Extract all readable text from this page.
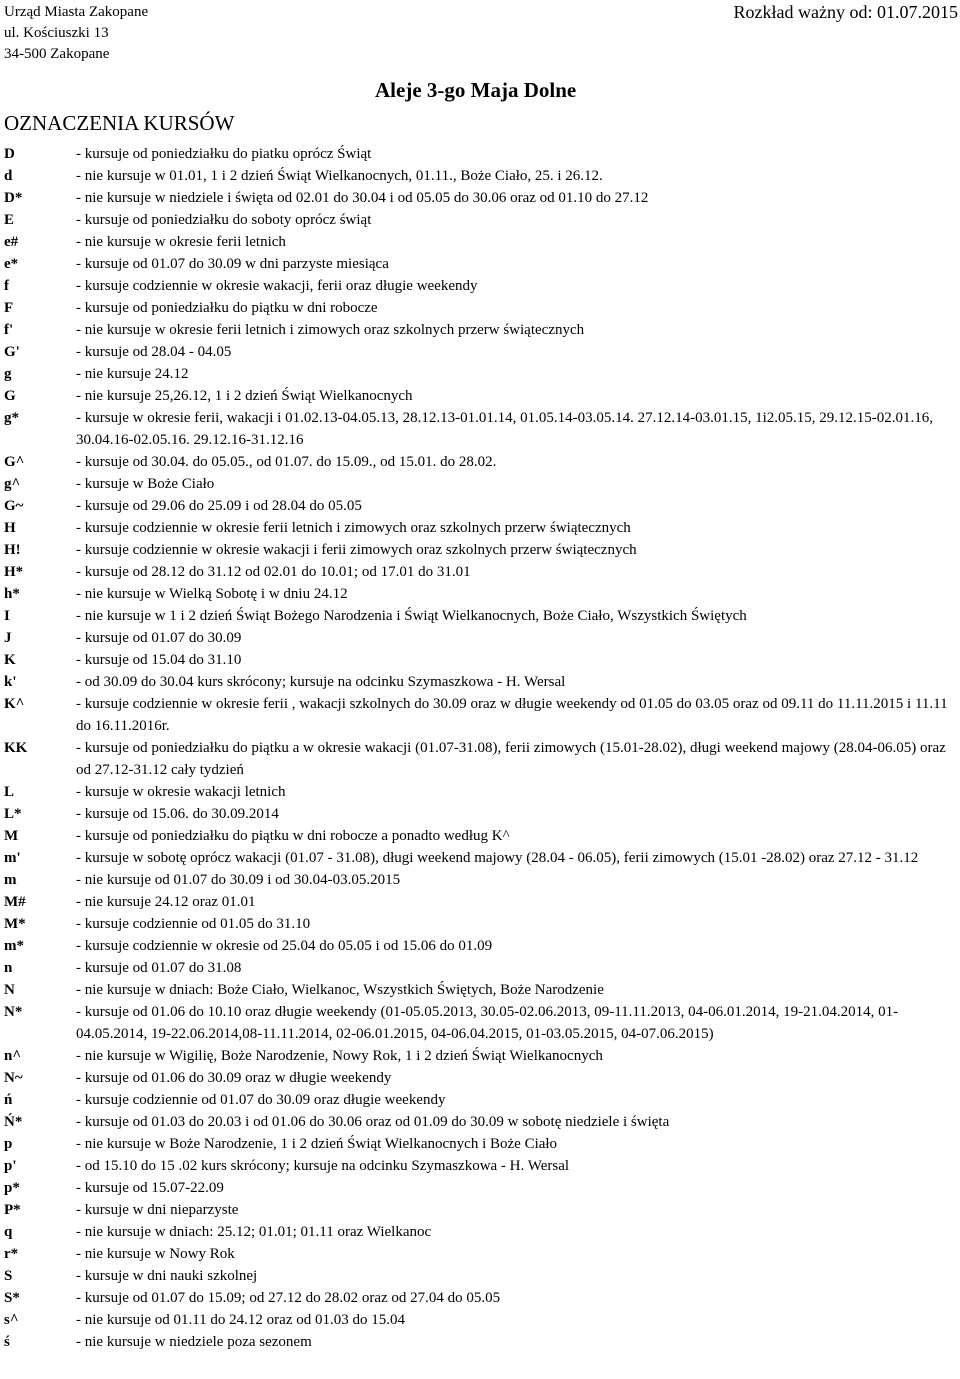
Urząd Miasta Zakopane
ul. Kościuszki 13
34-500 Zakopane
Rozkład ważny od: 01.07.2015
Aleje 3-go Maja Dolne
OZNACZENIA KURSÓW
D	- kursuje od poniedziałku do piatku oprócz Świąt
d	- nie kursuje w 01.01, 1 i 2 dzień Świąt Wielkanocnych, 01.11., Boże Ciało, 25. i 26.12.
D*	- nie kursuje w niedziele i święta od 02.01 do 30.04 i od 05.05 do 30.06 oraz od 01.10 do 27.12
E	- kursuje od poniedziałku do soboty oprócz świąt
e#	- nie kursuje w okresie ferii letnich
e*	- kursuje od 01.07 do 30.09 w dni parzyste miesiąca
f	- kursuje codziennie w okresie wakacji, ferii oraz długie weekendy
F	- kursuje od poniedziałku do piątku w dni robocze
f'	- nie kursuje w okresie ferii letnich i zimowych oraz szkolnych przerw świątecznych
G'	- kursuje od 28.04 - 04.05
g	- nie kursuje 24.12
G	- nie kursuje 25,26.12, 1 i 2 dzień Świąt Wielkanocnych
g*	- kursuje w okresie ferii, wakacji i 01.02.13-04.05.13, 28.12.13-01.01.14, 01.05.14-03.05.14. 27.12.14-03.01.15, 1i2.05.15, 29.12.15-02.01.16, 30.04.16-02.05.16. 29.12.16-31.12.16
G^	- kursuje od 30.04. do 05.05., od 01.07. do 15.09., od 15.01. do 28.02.
g^	- kursuje w Boże Ciało
G~	- kursuje od 29.06 do 25.09 i od 28.04 do 05.05
H	- kursuje codziennie w okresie ferii letnich i zimowych oraz szkolnych przerw świątecznych
H!	- kursuje codziennie w okresie wakacji i ferii zimowych oraz szkolnych przerw świątecznych
H*	- kursuje od 28.12 do 31.12 od 02.01 do 10.01; od 17.01 do 31.01
h*	- nie kursuje w Wielką Sobotę i w dniu 24.12
I	- nie kursuje w 1 i 2 dzień Świąt Bożego Narodzenia i Świąt Wielkanocnych, Boże Ciało, Wszystkich Świętych
J	- kursuje od 01.07 do 30.09
K	- kursuje od 15.04 do 31.10
k'	- od 30.09 do 30.04 kurs skrócony; kursuje na odcinku Szymaszkowa - H. Wersal
K^	- kursuje codziennie w okresie ferii , wakacji szkolnych do 30.09 oraz w długie weekendy od 01.05 do 03.05 oraz od 09.11 do 11.11.2015 i 11.11 do 16.11.2016r.
KK	- kursuje od poniedziałku do piątku a w okresie wakacji (01.07-31.08), ferii zimowych (15.01-28.02), długi weekend majowy (28.04-06.05) oraz od 27.12-31.12 cały tydzień
L	- kursuje w okresie wakacji letnich
L*	- kursuje od 15.06. do 30.09.2014
M	- kursuje od poniedziałku do piątku w dni robocze a ponadto według K^
m'	- kursuje w sobotę oprócz wakacji (01.07 - 31.08), długi weekend majowy (28.04 - 06.05), ferii zimowych (15.01 -28.02) oraz 27.12 - 31.12
m	- nie kursuje od 01.07 do 30.09 i od 30.04-03.05.2015
M#	- nie kursuje 24.12 oraz 01.01
M*	- kursuje codziennie od 01.05 do 31.10
m*	- kursuje codziennie w okresie od 25.04 do 05.05 i od 15.06 do 01.09
n	- kursuje od 01.07 do 31.08
N	- nie kursuje w dniach: Boże Ciało, Wielkanoc, Wszystkich Świętych, Boże Narodzenie
N*	- kursuje od 01.06 do 10.10 oraz długie weekendy (01-05.05.2013, 30.05-02.06.2013, 09-11.11.2013, 04-06.01.2014, 19-21.04.2014, 01-04.05.2014, 19-22.06.2014,08-11.11.2014, 02-06.01.2015, 04-06.04.2015, 01-03.05.2015, 04-07.06.2015)
n^	- nie kursuje w Wigilię, Boże Narodzenie, Nowy Rok, 1 i 2 dzień Świąt Wielkanocnych
N~	- kursuje od 01.06 do 30.09 oraz w długie weekendy
ń	- kursuje codziennie od 01.07 do 30.09 oraz długie weekendy
Ń*	- kursuje od 01.03 do 20.03 i od 01.06 do 30.06 oraz od 01.09 do 30.09 w sobotę niedziele i święta
p	- nie kursuje w Boże Narodzenie, 1 i 2 dzień Świąt Wielkanocnych i Boże Ciało
p'	- od 15.10 do 15 .02 kurs skrócony; kursuje na odcinku Szymaszkowa - H. Wersal
p*	- kursuje od 15.07-22.09
P*	- kursuje w dni nieparzyste
q	- nie kursuje w dniach: 25.12; 01.01; 01.11 oraz Wielkanoc
r*	- nie kursuje w Nowy Rok
S	- kursuje w dni nauki szkolnej
S*	- kursuje od 01.07 do 15.09; od 27.12 do 28.02 oraz od 27.04 do 05.05
s^	- nie kursuje od 01.11 do 24.12 oraz od 01.03 do 15.04
ś	- nie kursuje w niedziele poza sezonem
